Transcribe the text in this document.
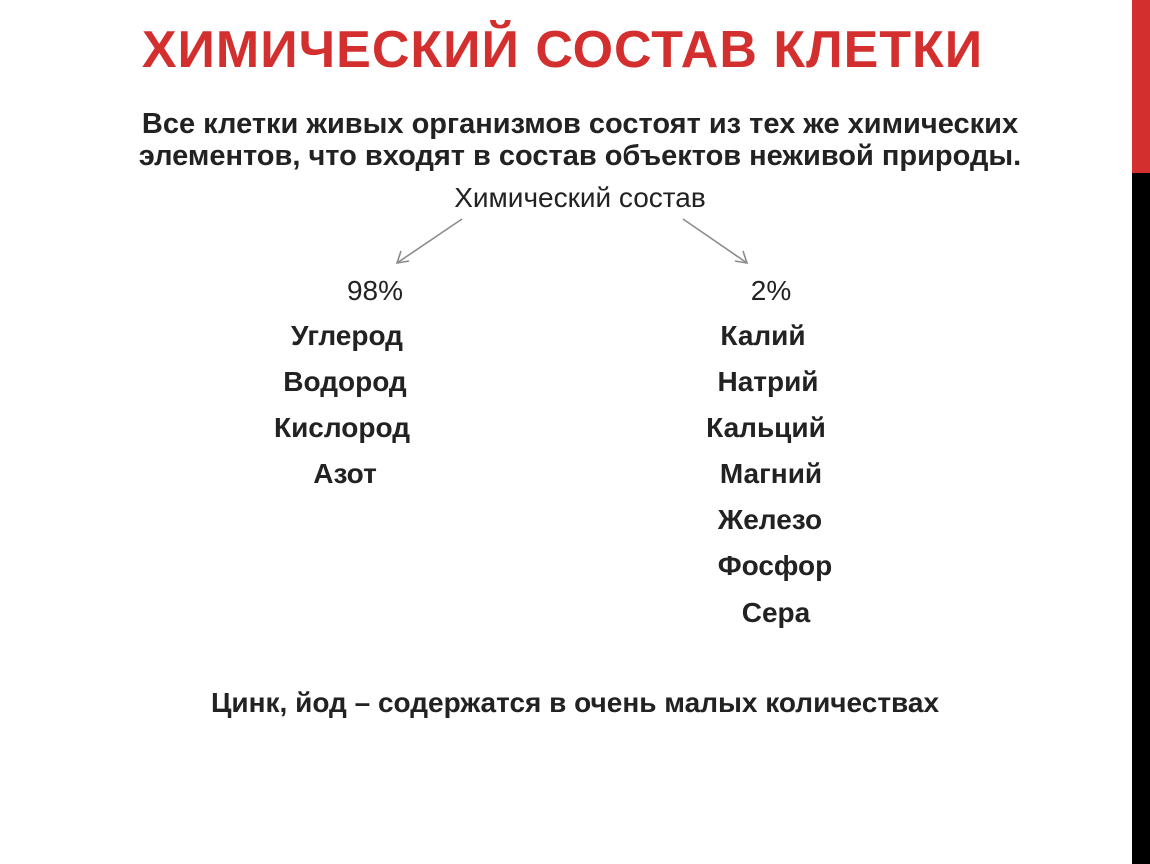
ХИМИЧЕСКИЙ СОСТАВ КЛЕТКИ
Все клетки живых организмов состоят из тех же химических
элементов, что входят в состав объектов неживой природы.
Химический состав
98%
Углерод
Водород
Кислород
Азот
2%
Калий
Натрий
Кальций
Магний
Железо
Фосфор
Сера
Цинк, йод – содержатся в очень малых количествах
